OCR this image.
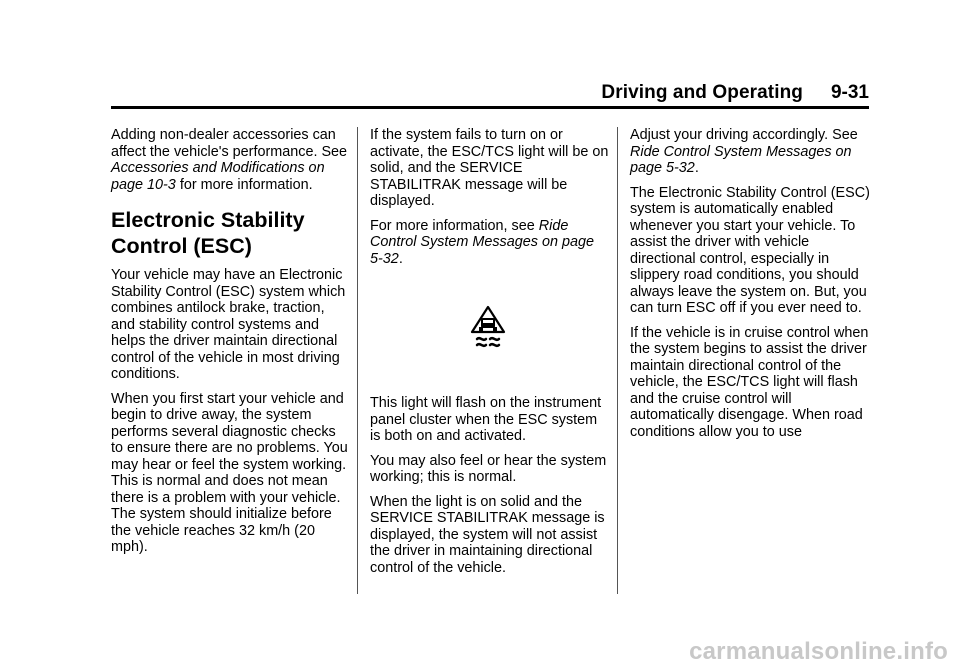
Driving and Operating 9-31

Adding non-dealer accessories can affect the vehicle's performance. See Accessories and Modifications on page 10-3 for more information.

Electronic Stability Control (ESC)

Your vehicle may have an Electronic Stability Control (ESC) system which combines antilock brake, traction, and stability control systems and helps the driver maintain directional control of the vehicle in most driving conditions.

When you first start your vehicle and begin to drive away, the system performs several diagnostic checks to ensure there are no problems. You may hear or feel the system working. This is normal and does not mean there is a problem with your vehicle. The system should initialize before the vehicle reaches 32 km/h (20 mph).

If the system fails to turn on or activate, the ESC/TCS light will be on solid, and the SERVICE STABILITRAK message will be displayed.

For more information, see Ride Control System Messages on page 5-32.

This light will flash on the instrument panel cluster when the ESC system is both on and activated.

You may also feel or hear the system working; this is normal.

When the light is on solid and the SERVICE STABILITRAK message is displayed, the system will not assist the driver in maintaining directional control of the vehicle.

Adjust your driving accordingly. See Ride Control System Messages on page 5-32.

The Electronic Stability Control (ESC) system is automatically enabled whenever you start your vehicle. To assist the driver with vehicle directional control, especially in slippery road conditions, you should always leave the system on. But, you can turn ESC off if you ever need to.

If the vehicle is in cruise control when the system begins to assist the driver maintain directional control of the vehicle, the ESC/TCS light will flash and the cruise control will automatically disengage. When road conditions allow you to use

carmanualsonline.info
